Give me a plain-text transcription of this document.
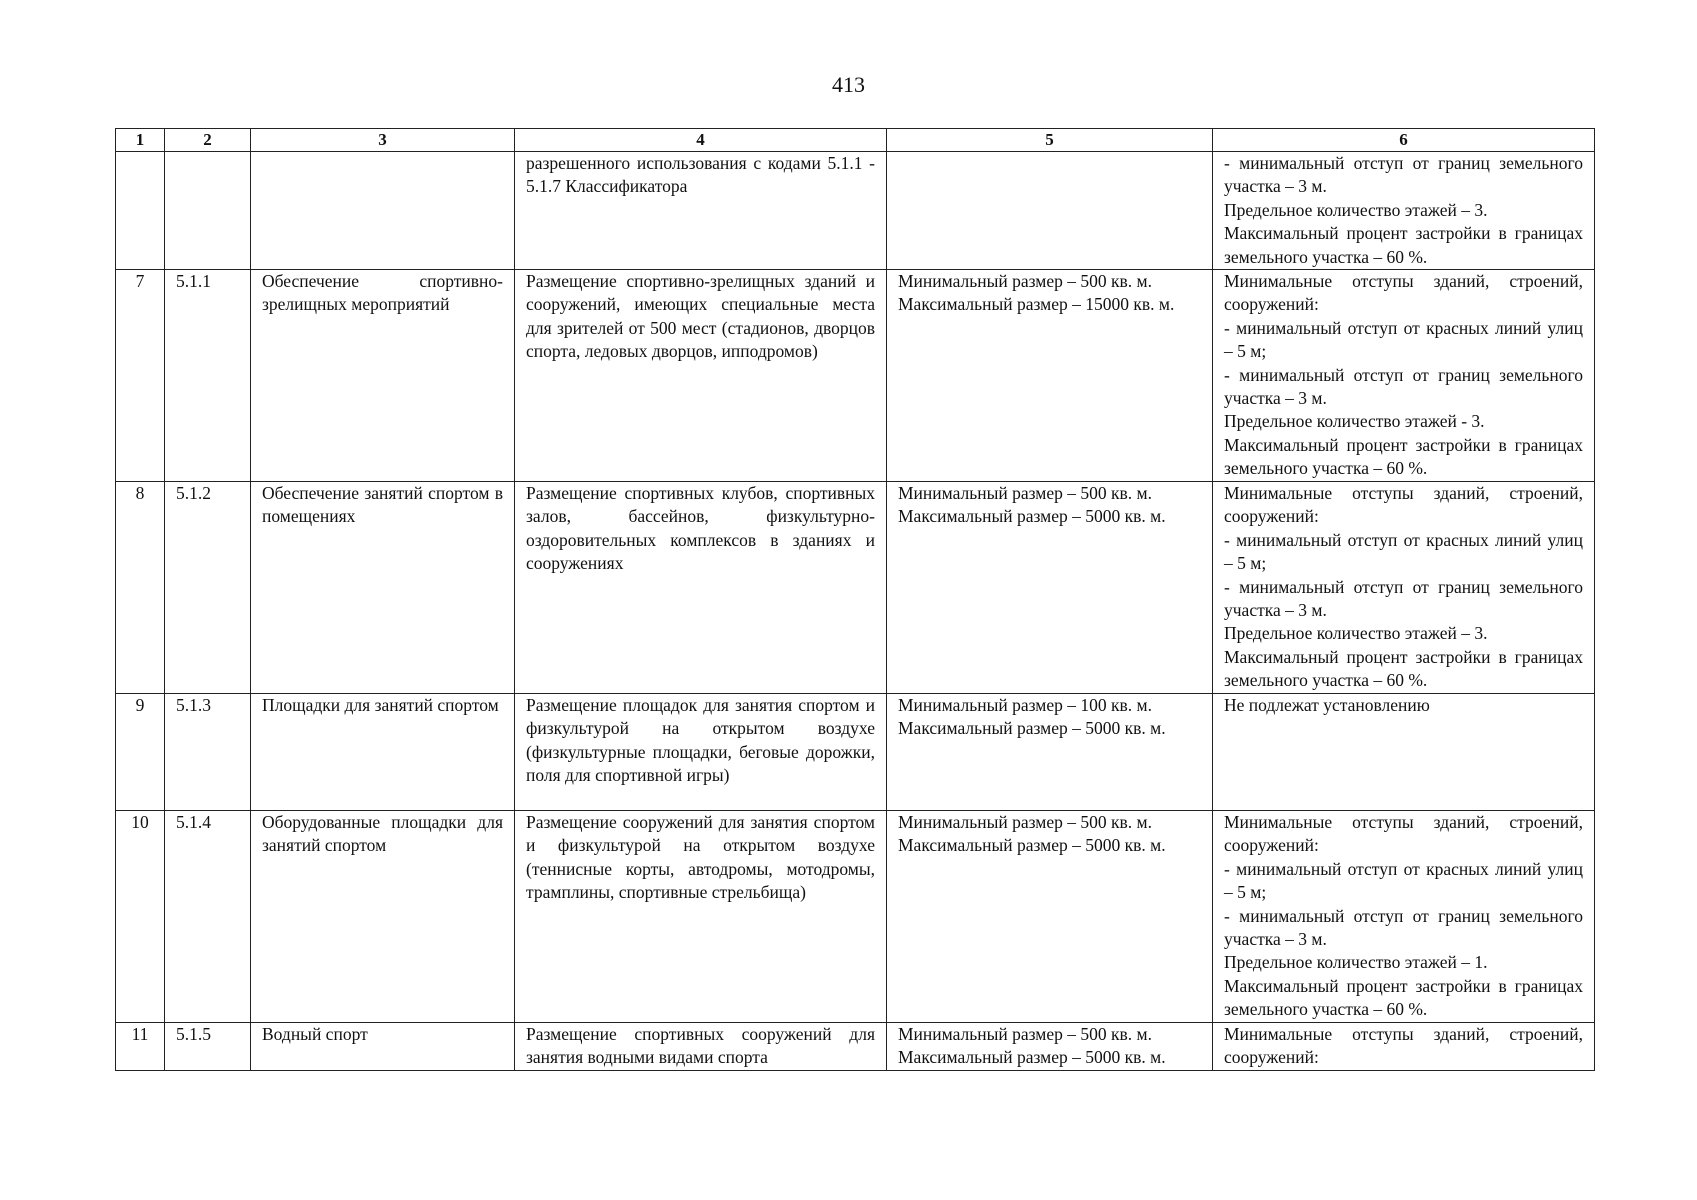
413
1	2	3	4	5	6
			разрешенного использования с кодами 5.1.1 - 5.1.7 Классификатора		- минимальный отступ от границ земельного участка – 3 м.
Предельное количество этажей – 3.
Максимальный процент застройки в границах земельного участка – 60 %.

7	5.1.1	Обеспечение спортивно-зрелищных мероприятий	Размещение спортивно-зрелищных зданий и сооружений, имеющих специальные места для зрителей от 500 мест (стадионов, дворцов спорта, ледовых дворцов, ипподромов)	Минимальный размер – 500 кв. м.
Максимальный размер – 15000 кв. м.	Минимальные отступы зданий, строений, сооружений:
- минимальный отступ от красных линий улиц – 5 м;
- минимальный отступ от границ земельного участка – 3 м.
Предельное количество этажей - 3.
Максимальный процент застройки в границах земельного участка – 60 %.

8	5.1.2	Обеспечение занятий спортом в помещениях	Размещение спортивных клубов, спортивных залов, бассейнов, физкультурно-оздоровительных комплексов в зданиях и сооружениях	Минимальный размер – 500 кв. м.
Максимальный размер – 5000 кв. м.	Минимальные отступы зданий, строений, сооружений:
- минимальный отступ от красных линий улиц – 5 м;
- минимальный отступ от границ земельного участка – 3 м.
Предельное количество этажей – 3.
Максимальный процент застройки в границах земельного участка – 60 %.

9	5.1.3	Площадки для занятий спортом	Размещение площадок для занятия спортом и физкультурой на открытом воздухе (физкультурные площадки, беговые дорожки, поля для спортивной игры)	Минимальный размер – 100 кв. м.
Максимальный размер – 5000 кв. м.	Не подлежат установлению

10	5.1.4	Оборудованные площадки для занятий спортом	Размещение сооружений для занятия спортом и физкультурой на открытом воздухе (теннисные корты, автодромы, мотодромы, трамплины, спортивные стрельбища)	Минимальный размер – 500 кв. м.
Максимальный размер – 5000 кв. м.	Минимальные отступы зданий, строений, сооружений:
- минимальный отступ от красных линий улиц – 5 м;
- минимальный отступ от границ земельного участка – 3 м.
Предельное количество этажей – 1.
Максимальный процент застройки в границах земельного участка – 60 %.

11	5.1.5	Водный спорт	Размещение спортивных сооружений для занятия водными видами спорта	Минимальный размер – 500 кв. м.
Максимальный размер – 5000 кв. м.	Минимальные отступы зданий, строений, сооружений:
